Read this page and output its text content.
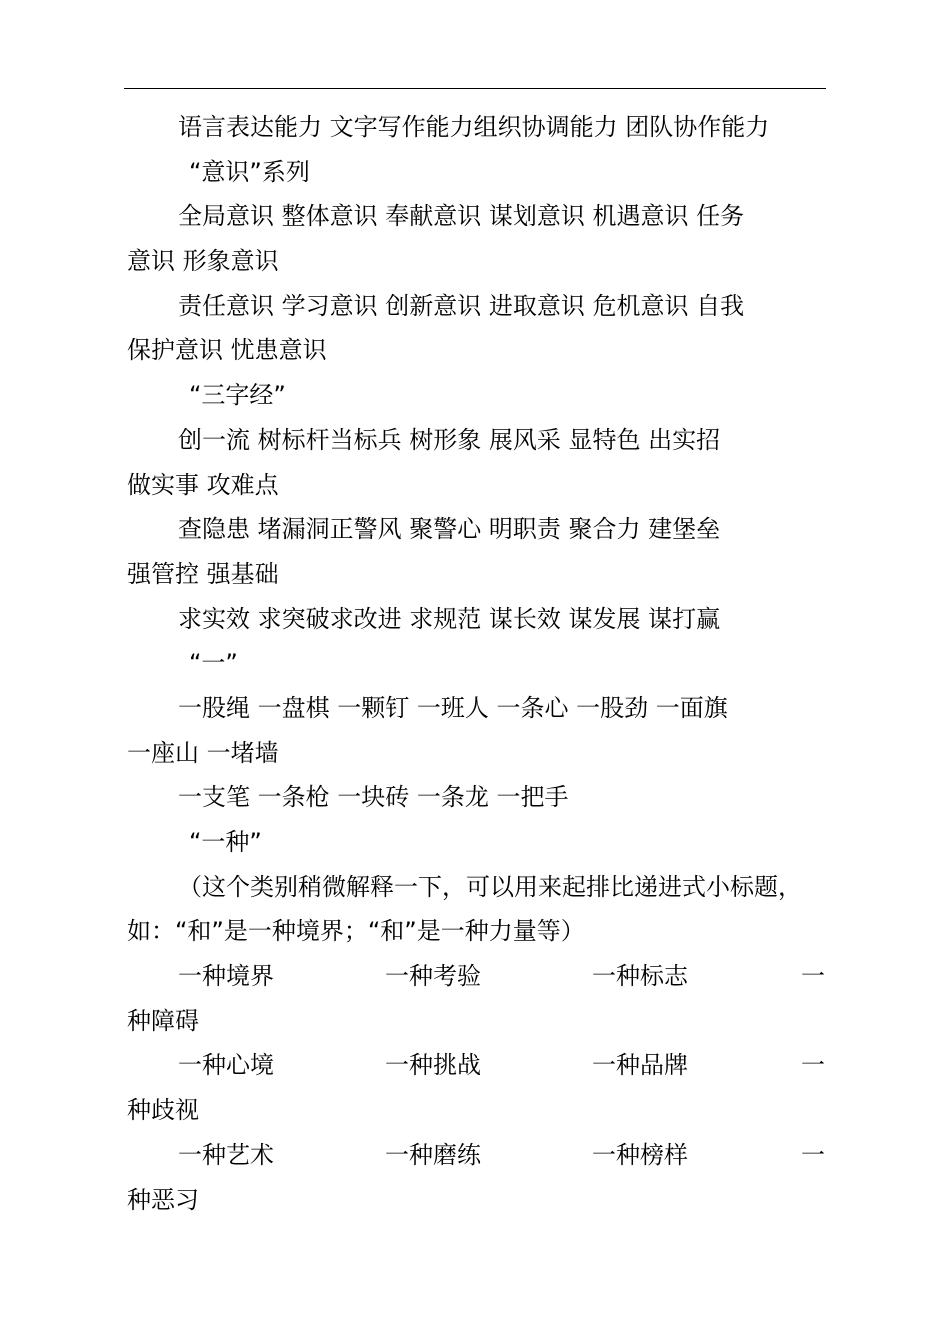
语言表达能力 文字写作能力组织协调能力 团队协作能力
“意识”系列
全局意识 整体意识 奉献意识 谋划意识 机遇意识 任务
意识 形象意识
责任意识 学习意识 创新意识 进取意识 危机意识 自我
保护意识 忧患意识
“三字经”
创一流 树标杆当标兵 树形象 展风采 显特色 出实招
做实事 攻难点
查隐患 堵漏洞正警风 聚警心 明职责 聚合力 建堡垒
强管控 强基础
求实效 求突破求改进 求规范 谋长效 谋发展 谋打赢
“一”
一股绳 一盘棋 一颗钉 一班人 一条心 一股劲 一面旗
一座山 一堵墙
一支笔 一条枪 一块砖 一条龙 一把手
“一种”
（这个类别稍微解释一下，可以用来起排比递进式小标题，
如：“和”是一种境界；“和”是一种力量等）
一种境界	一种考验	一种标志	一
种障碍
一种心境	一种挑战	一种品牌	一
种歧视
一种艺术	一种磨练	一种榜样	一
种恶习
